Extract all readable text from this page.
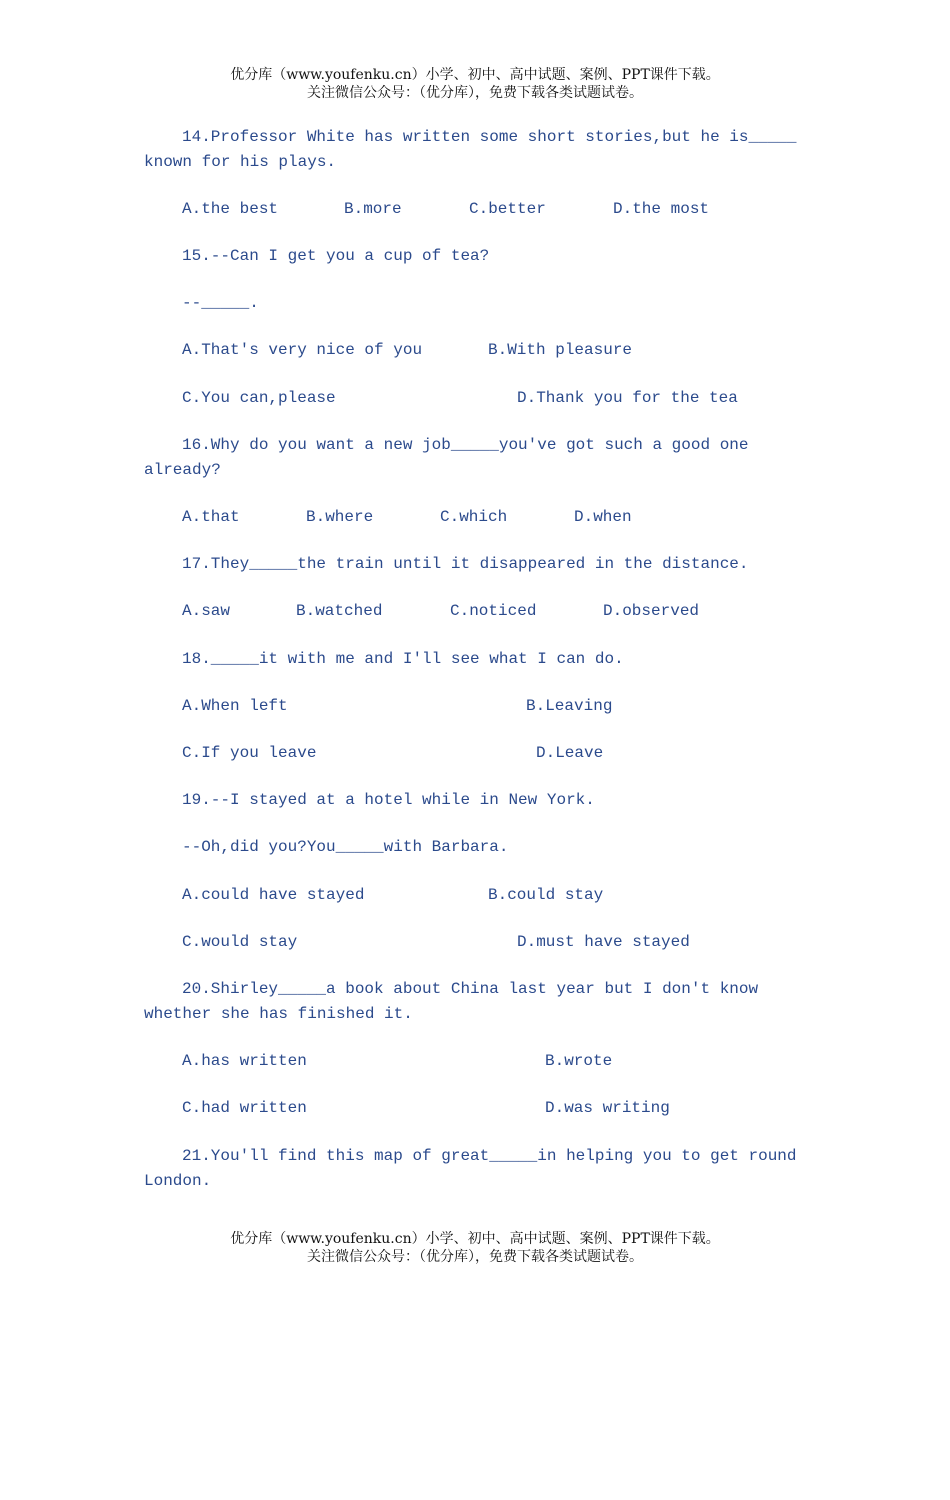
优分库（www.youfenku.cn）小学、初中、高中试题、案例、PPT课件下载。
关注微信公众号：（优分库），免费下载各类试题试卷。

14.Professor White has written some short stories,but he is_____

known for his plays.

A.the best

	B.more

	C.better

	D.the most

15.--Can I get you a cup of tea?

--_____.

A.That's very nice of you

	B.With pleasure

C.You can,please

	D.Thank you for the tea

16.Why do you want a new job_____you've got such a good one

already?

A.that

	B.where

	C.which

	D.when

17.They_____the train until it disappeared in the distance.

A.saw

	B.watched

	C.noticed

	D.observed

18._____it with me and I'll see what I can do.

A.When left

	B.Leaving

C.If you leave

	D.Leave

19.--I stayed at a hotel while in New York.

--Oh,did you?You_____with Barbara.

A.could have stayed

	B.could stay

C.would stay

	D.must have stayed

20.Shirley_____a book about China last year but I don't know

whether she has finished it.

A.has written

	B.wrote

C.had written

	D.was writing

21.You'll find this map of great_____in helping you to get round

London.

优分库（www.youfenku.cn）小学、初中、高中试题、案例、PPT课件下载。
关注微信公众号：（优分库），免费下载各类试题试卷。
